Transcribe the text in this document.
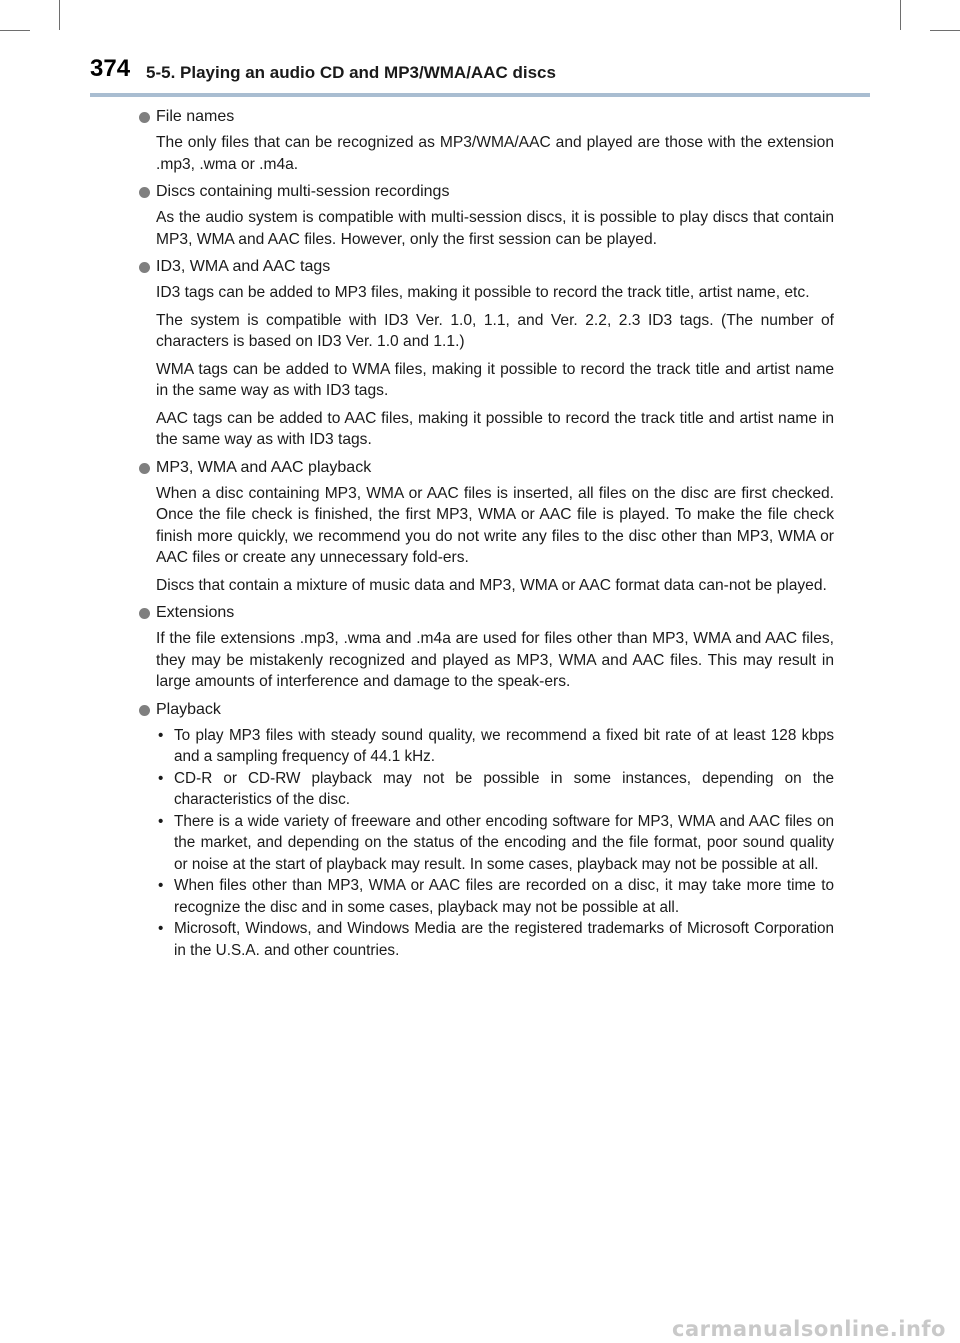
374 5-5. Playing an audio CD and MP3/WMA/AAC discs
File names

The only files that can be recognized as MP3/WMA/AAC and played are those with the extension .mp3, .wma or .m4a.

Discs containing multi-session recordings

As the audio system is compatible with multi-session discs, it is possible to play discs that contain MP3, WMA and AAC files. However, only the first session can be played.

ID3, WMA and AAC tags

ID3 tags can be added to MP3 files, making it possible to record the track title, artist name, etc.

The system is compatible with ID3 Ver. 1.0, 1.1, and Ver. 2.2, 2.3 ID3 tags. (The number of characters is based on ID3 Ver. 1.0 and 1.1.)

WMA tags can be added to WMA files, making it possible to record the track title and artist name in the same way as with ID3 tags.

AAC tags can be added to AAC files, making it possible to record the track title and artist name in the same way as with ID3 tags.

MP3, WMA and AAC playback

When a disc containing MP3, WMA or AAC files is inserted, all files on the disc are first checked. Once the file check is finished, the first MP3, WMA or AAC file is played. To make the file check finish more quickly, we recommend you do not write any files to the disc other than MP3, WMA or AAC files or create any unnecessary fold-ers.

Discs that contain a mixture of music data and MP3, WMA or AAC format data can-not be played.

Extensions

If the file extensions .mp3, .wma and .m4a are used for files other than MP3, WMA and AAC files, they may be mistakenly recognized and played as MP3, WMA and AAC files. This may result in large amounts of interference and damage to the speak-ers.

Playback
• To play MP3 files with steady sound quality, we recommend a fixed bit rate of at least 128 kbps and a sampling frequency of 44.1 kHz.
• CD-R or CD-RW playback may not be possible in some instances, depending on the characteristics of the disc.
• There is a wide variety of freeware and other encoding software for MP3, WMA and AAC files on the market, and depending on the status of the encoding and the file format, poor sound quality or noise at the start of playback may result. In some cases, playback may not be possible at all.
• When files other than MP3, WMA or AAC files are recorded on a disc, it may take more time to recognize the disc and in some cases, playback may not be possible at all.
• Microsoft, Windows, and Windows Media are the registered trademarks of Microsoft Corporation in the U.S.A. and other countries.
carmanualsonline.info
